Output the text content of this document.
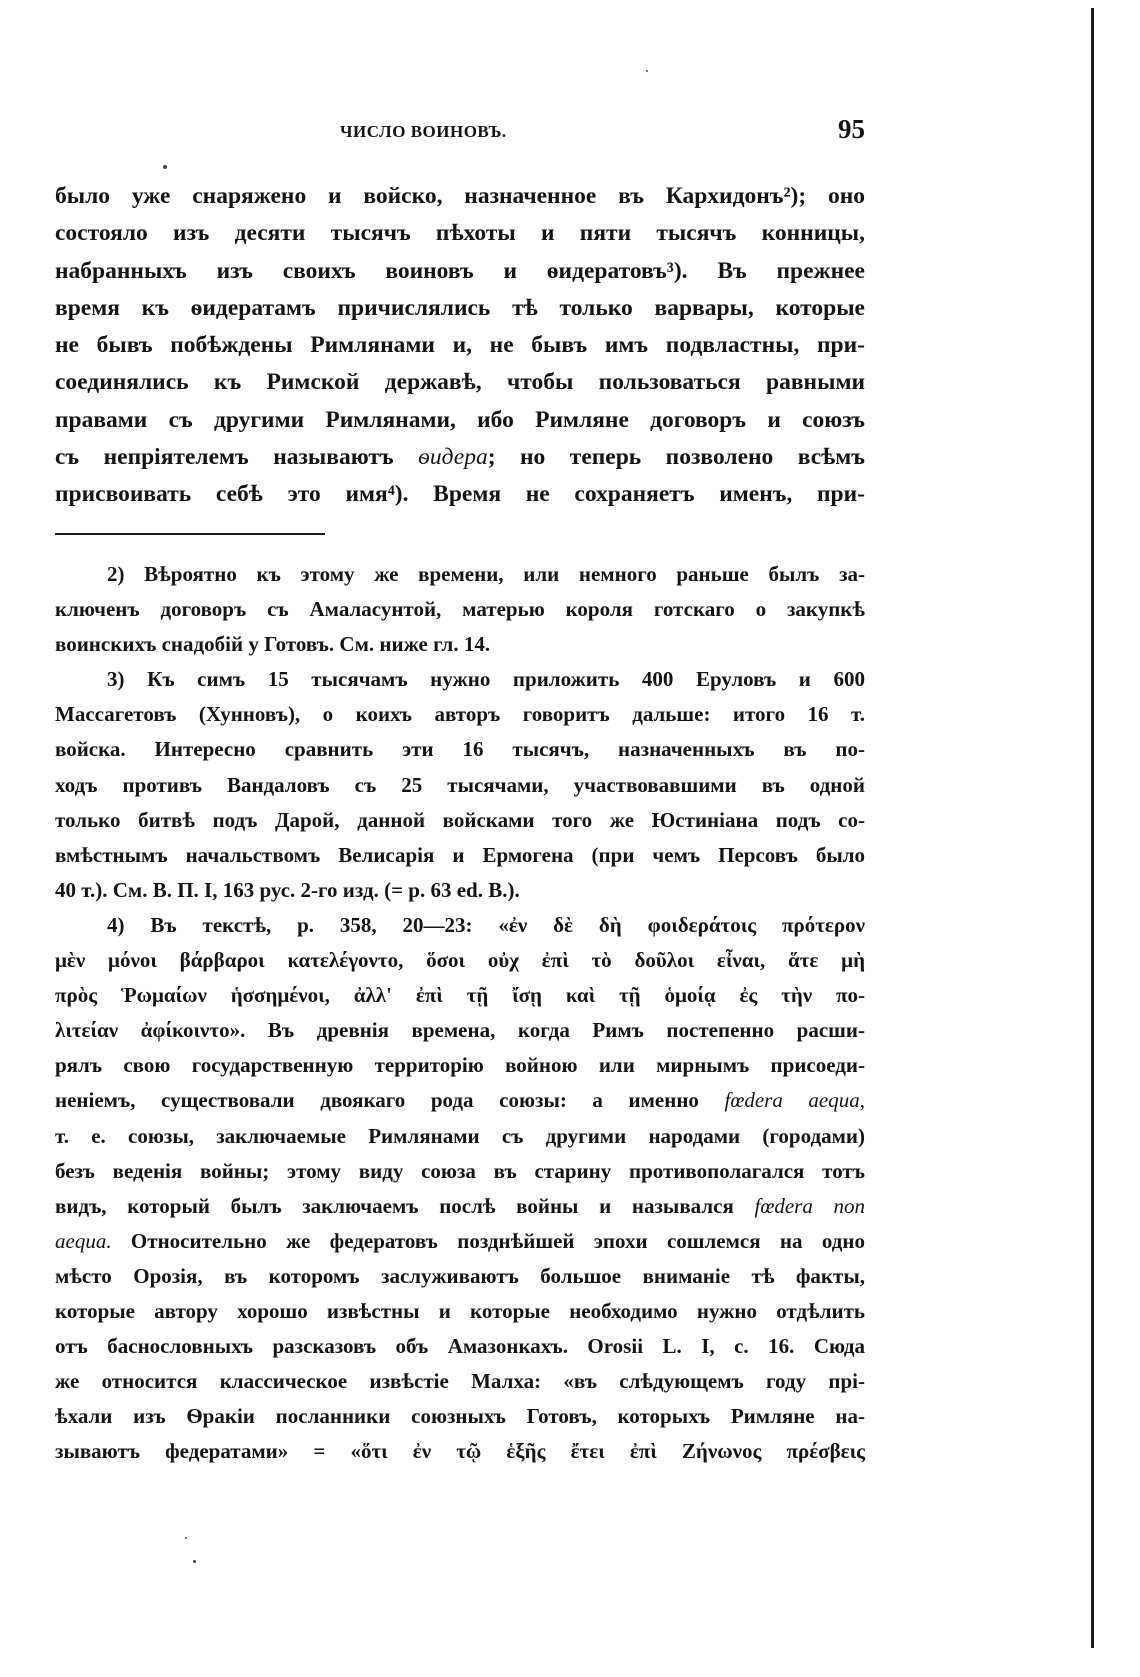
ЧИСЛО ВОИНОВЪ.	95
было уже снаряжено и войско, назначенное въ Кархидонъ²); оно
состояло изъ десяти тысячъ пѣхоты и пяти тысячъ конницы,
набранныхъ изъ своихъ воиновъ и ѳидератовъ³). Въ прежнее
время къ ѳидератамъ причислялись тѣ только варвары, которые
не бывъ побѣждены Римлянами и, не бывъ имъ подвластны, при-
соединялись къ Римской державѣ, чтобы пользоваться равными
правами съ другими Римлянами, ибо Римляне договоръ и союзъ
съ непріятелемъ называютъ ѳидера; но теперь позволено всѣмъ
присвоивать себѣ это имя⁴). Время не сохраняетъ именъ, при-
2) Вѣроятно къ этому же времени, или немного раньше былъ за-
ключенъ договоръ съ Амаласунтой, матерью короля готскаго о закупкѣ
воинскихъ снадобій у Готовъ. См. ниже гл. 14.
3) Къ симъ 15 тысячамъ нужно приложить 400 Еруловъ и 600
Массагетовъ (Хунновъ), о коихъ авторъ говоритъ дальше: итого 16 т.
войска. Интересно сравнить эти 16 тысячъ, назначенныхъ въ по-
ходъ противъ Вандаловъ съ 25 тысячами, участвовавшими въ одной
только битвѣ подъ Дарой, данной войсками того же Юстиніана подъ со-
вмѣстнымъ начальствомъ Велисарія и Ермогена (при чемъ Персовъ было
40 т.). См. В. П. I, 163 рус. 2-го изд. (= p. 63 ed. B.).
4) Въ текстѣ, p. 358, 20—23: «ἐν δὲ δὴ φοιδεράτοις πρότερον
μὲν μόνοι βάρβαροι κατελέγοντο, ὅσοι οὐχ ἐπὶ τὸ δοῦλοι εἶναι, ἅτε μὴ
πρὸς Ῥωμαίων ἡσσημένοι, ἀλλ' ἐπὶ τῇ ἴσῃ καὶ τῇ ὁμοίᾳ ἐς τὴν πο-
λιτείαν ἀφίκοιντο». Въ древнія времена, когда Римъ постепенно расши-
рялъ свою государственную территорію войною или мирнымъ присоеди-
неніемъ, существовали двоякаго рода союзы: а именно fœdera aequa,
т. е. союзы, заключаемые Римлянами съ другими народами (городами)
безъ веденія войны; этому виду союза въ старину противополагался тотъ
видъ, который былъ заключаемъ послѣ войны и назывался fœdera non
aequa. Относительно же федератовъ позднѣйшей эпохи сошлемся на одно
мѣсто Орозія, въ которомъ заслуживаютъ большое вниманіе тѣ факты,
которые автору хорошо извѣстны и которые необходимо нужно отдѣлить
отъ баснословныхъ разсказовъ объ Амазонкахъ. Orosii L. I, c. 16. Сюда
же относится классическое извѣстіе Малха: «въ слѣдующемъ году прі-
ѣхали изъ Ѳракіи посланники союзныхъ Готовъ, которыхъ Римляне на-
зываютъ федератами» = «ὅτι ἐν τῷ ἑξῆς ἔτει ἐπὶ Ζήνωνος πρέσβεις
